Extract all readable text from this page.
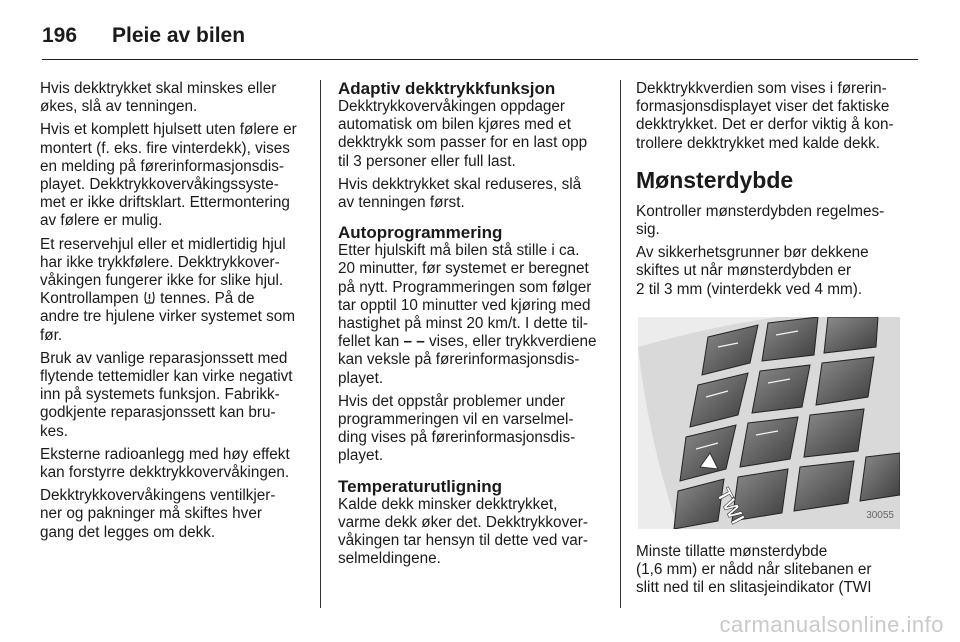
196	Pleie av bilen

Hvis dekktrykket skal minskes eller
økes, slå av tenningen.

Hvis et komplett hjulsett uten følere er
montert (f. eks. fire vinterdekk), vises
en melding på førerinformasjonsdis-
playet. Dekktrykkovervåkingssyste-
met er ikke driftsklart. Ettermontering
av følere er mulig.

Et reservehjul eller et midlertidig hjul
har ikke trykkfølere. Dekktrykkover-
våkingen fungerer ikke for slike hjul.
Kontrollampen tennes. På de
andre tre hjulene virker systemet som
før.

Bruk av vanlige reparasjonssett med
flytende tettemidler kan virke negativt
inn på systemets funksjon. Fabrikk-
godkjente reparasjonssett kan bru-
kes.

Eksterne radioanlegg med høy effekt
kan forstyrre dekktrykkovervåkingen.

Dekktrykkovervåkingens ventilkjer-
ner og pakninger må skiftes hver
gang det legges om dekk.

Adaptiv dekktrykkfunksjon

Dekktrykkovervåkingen oppdager
automatisk om bilen kjøres med et
dekktrykk som passer for en last opp
til 3 personer eller full last.

Hvis dekktrykket skal reduseres, slå
av tenningen først.

Autoprogrammering

Etter hjulskift må bilen stå stille i ca.
20 minutter, før systemet er beregnet
på nytt. Programmeringen som følger
tar opptil 10 minutter ved kjøring med
hastighet på minst 20 km/t. I dette til-
fellet kan – – vises, eller trykkverdiene
kan veksle på førerinformasjonsdis-
playet.

Hvis det oppstår problemer under
programmeringen vil en varselmel-
ding vises på førerinformasjonsdis-
playet.

Temperaturutligning

Kalde dekk minsker dekktrykket,
varme dekk øker det. Dekktrykkover-
våkingen tar hensyn til dette ved var-
selmeldingene.

Dekktrykkverdien som vises i førerin-
formasjonsdisplayet viser det faktiske
dekktrykket. Det er derfor viktig å kon-
trollere dekktrykket med kalde dekk.

Mønsterdybde

Kontroller mønsterdybden regelmes-
sig.

Av sikkerhetsgrunner bør dekkene
skiftes ut når mønsterdybden er
2 til 3 mm (vinterdekk ved 4 mm).

TWI	30055

Minste tillatte mønsterdybde
(1,6 mm) er nådd når slitebanen er
slitt ned til en slitasjeindikator (TWI

carmanualsonline.info
